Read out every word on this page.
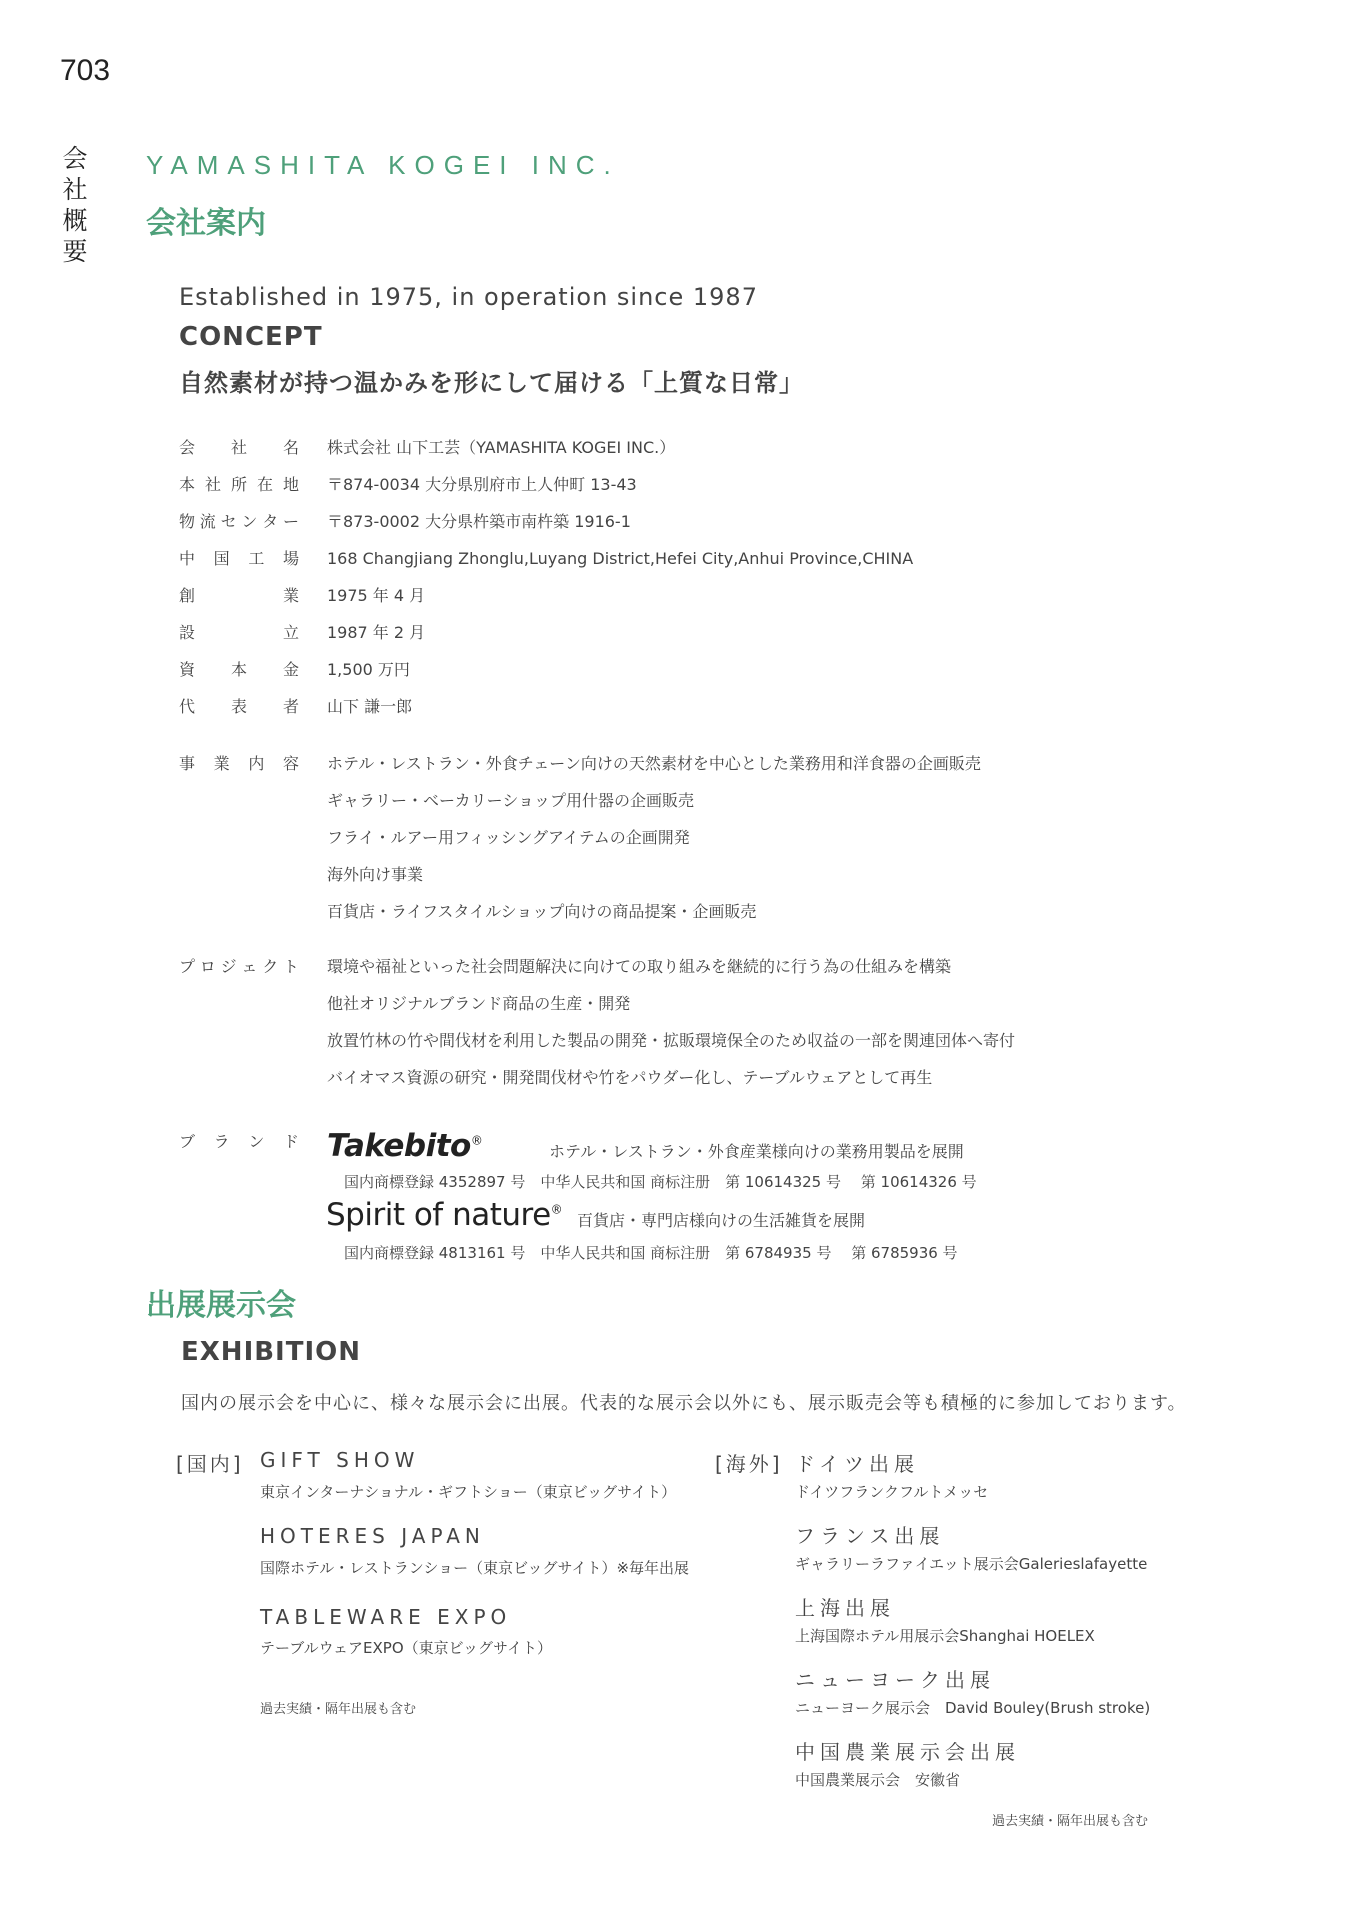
703
会
社
概
要
YAMASHITA KOGEI INC.
会社案内
Established in 1975, in operation since 1987
CONCEPT
自然素材が持つ温かみを形にして届ける「上質な日常」
会 社 名 株式会社 山下工芸（YAMASHITA KOGEI INC.）
本 社 所 在 地 〒874-0034 大分県別府市上人仲町 13-43
物 流 セ ン タ ー 〒873-0002 大分県杵築市南杵築 1916-1
中 国 工 場 168 Changjiang Zhonglu,Luyang District,Hefei City,Anhui Province,CHINA
創	業 1975 年 4 月
設	立 1987 年 2 月
資 本 金 1,500 万円
代 表 者 山下 謙一郎
事 業 内 容 ホテル・レストラン・外食チェーン向けの天然素材を中心とした業務用和洋食器の企画販売
ギャラリー・ベーカリーショップ用什器の企画販売
フライ・ルアー用フィッシングアイテムの企画開発
海外向け事業
百貨店・ライフスタイルショップ向けの商品提案・企画販売
プ ロ ジ ェ ク ト 環境や福祉といった社会問題解決に向けての取り組みを継続的に行う為の仕組みを構築
他社オリジナルブランド商品の生産・開発
放置竹林の竹や間伐材を利用した製品の開発・拡販環境保全のため収益の一部を関連団体へ寄付
バイオマス資源の研究・開発間伐材や竹をパウダー化し、テーブルウェアとして再生
ブ ラ ン ド Takebito®
ホテル・レストラン・外食産業様向けの業務用製品を展開
国内商標登録 4352897 号　中华人民共和国 商标注册　第 10614325 号　 第 10614326 号
Spirit of nature®
百貨店・専門店様向けの生活雑貨を展開
国内商標登録 4813161 号　中华人民共和国 商标注册　第 6784935 号　 第 6785936 号
出展展示会
EXHIBITION
国内の展示会を中心に、様々な展示会に出展。代表的な展示会以外にも、展示販売会等も積極的に参加しております。
[国内] GIFT SHOW
東京インターナショナル・ギフトショー（東京ビッグサイト）
HOTERES JAPAN
国際ホテル・レストランショー（東京ビッグサイト）※毎年出展
TABLEWARE EXPO
テーブルウェアEXPO（東京ビッグサイト）
過去実績・隔年出展も含む
[海外] ドイツ出展
ドイツフランクフルトメッセ
フランス出展
ギャラリーラファイエット展示会Galerieslafayette
上海出展
上海国際ホテル用展示会Shanghai HOELEX
ニューヨーク出展
ニューヨーク展示会　David Bouley(Brush stroke)
中国農業展示会出展
中国農業展示会　安徽省
過去実績・隔年出展も含む
